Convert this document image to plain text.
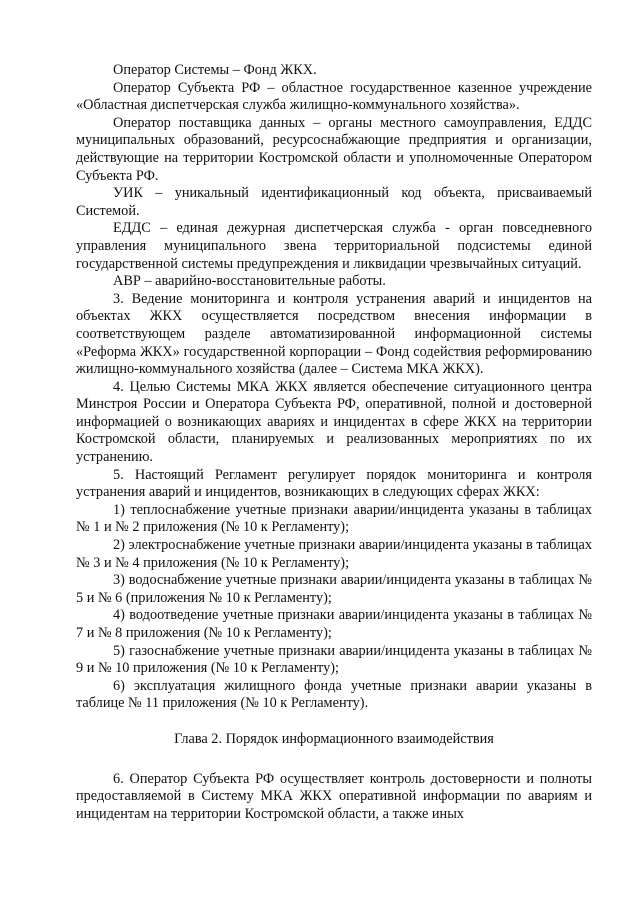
Оператор Системы – Фонд ЖКХ.

Оператор Субъекта РФ – областное государственное казенное учреждение «Областная диспетчерская служба жилищно-коммунального хозяйства».

Оператор поставщика данных – органы местного самоуправления, ЕДДС муниципальных образований, ресурсоснабжающие предприятия и организации, действующие на территории Костромской области и уполномоченные Оператором Субъекта РФ.

УИК – уникальный идентификационный код объекта, присваиваемый Системой.

ЕДДС – единая дежурная диспетчерская служба - орган повседневного управления муниципального звена территориальной подсистемы единой государственной системы предупреждения и ликвидации чрезвычайных ситуаций.

АВР – аварийно-восстановительные работы.

3. Ведение мониторинга и контроля устранения аварий и инцидентов на объектах ЖКХ осуществляется посредством внесения информации в соответствующем разделе автоматизированной информационной системы «Реформа ЖКХ» государственной корпорации – Фонд содействия реформированию жилищно-коммунального хозяйства (далее – Система МКА ЖКХ).

4. Целью Системы МКА ЖКХ является обеспечение ситуационного центра Минстроя России и Оператора Субъекта РФ, оперативной, полной и достоверной информацией о возникающих авариях и инцидентах в сфере ЖКХ на территории Костромской области, планируемых и реализованных мероприятиях по их устранению.

5. Настоящий Регламент регулирует порядок мониторинга и контроля устранения аварий и инцидентов, возникающих в следующих сферах ЖКХ:

1) теплоснабжение учетные признаки аварии/инцидента указаны в таблицах № 1 и № 2 приложения (№ 10 к Регламенту);

2) электроснабжение учетные признаки аварии/инцидента указаны в таблицах № 3 и № 4 приложения (№ 10 к Регламенту);

3) водоснабжение учетные признаки аварии/инцидента указаны в таблицах № 5 и № 6 (приложения № 10 к Регламенту);

4) водоотведение учетные признаки аварии/инцидента указаны в таблицах № 7 и № 8 приложения (№ 10 к Регламенту);

5) газоснабжение учетные признаки аварии/инцидента указаны в таблицах № 9 и № 10 приложения (№ 10 к Регламенту);

6) эксплуатация жилищного фонда учетные признаки аварии указаны в таблице № 11 приложения (№ 10 к Регламенту).

Глава 2. Порядок информационного взаимодействия

6. Оператор Субъекта РФ осуществляет контроль достоверности и полноты предоставляемой в Систему МКА ЖКХ оперативной информации по авариям и инцидентам на территории Костромской области, а также иных
